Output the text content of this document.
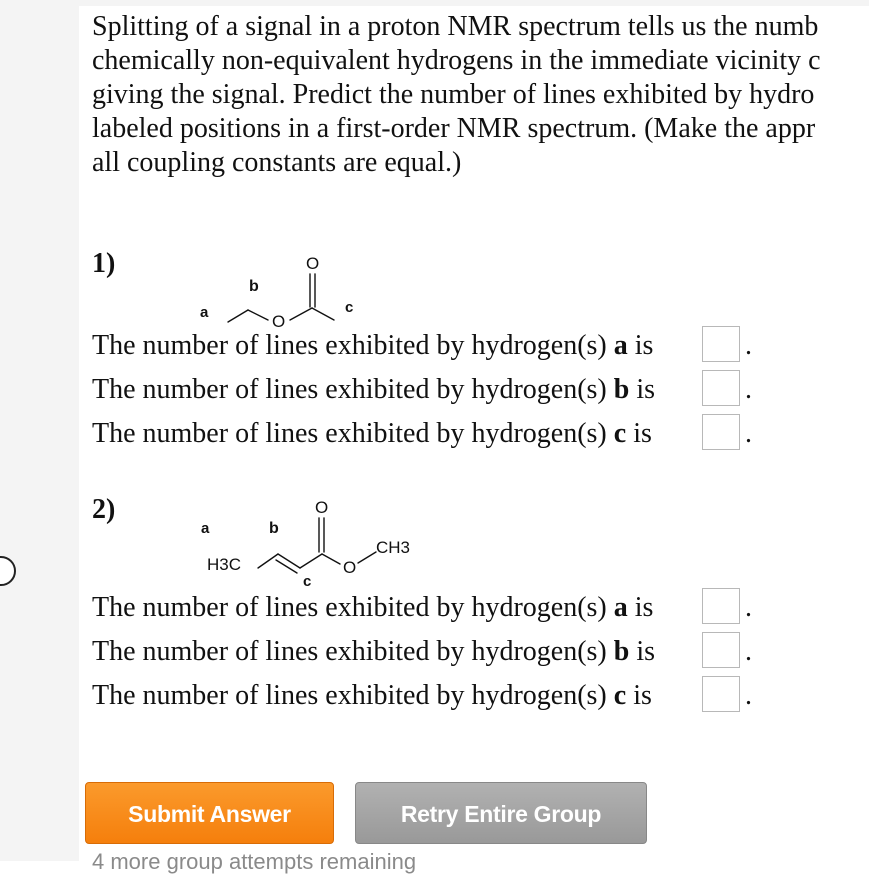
Splitting of a signal in a proton NMR spectrum tells us the numb
chemically non-equivalent hydrogens in the immediate vicinity c
giving the signal. Predict the number of lines exhibited by hydro
labeled positions in a first-order NMR spectrum. (Make the appr
all coupling constants are equal.)
1)
a
b
c
O
O
The number of lines exhibited by hydrogen(s) a is	.
The number of lines exhibited by hydrogen(s) b is	.
The number of lines exhibited by hydrogen(s) c is	.
2)
a	b
c
H3C
CH3
O
O
The number of lines exhibited by hydrogen(s) a is	.
The number of lines exhibited by hydrogen(s) b is	.
The number of lines exhibited by hydrogen(s) c is	.
Submit Answer	Retry Entire Group
4 more group attempts remaining
